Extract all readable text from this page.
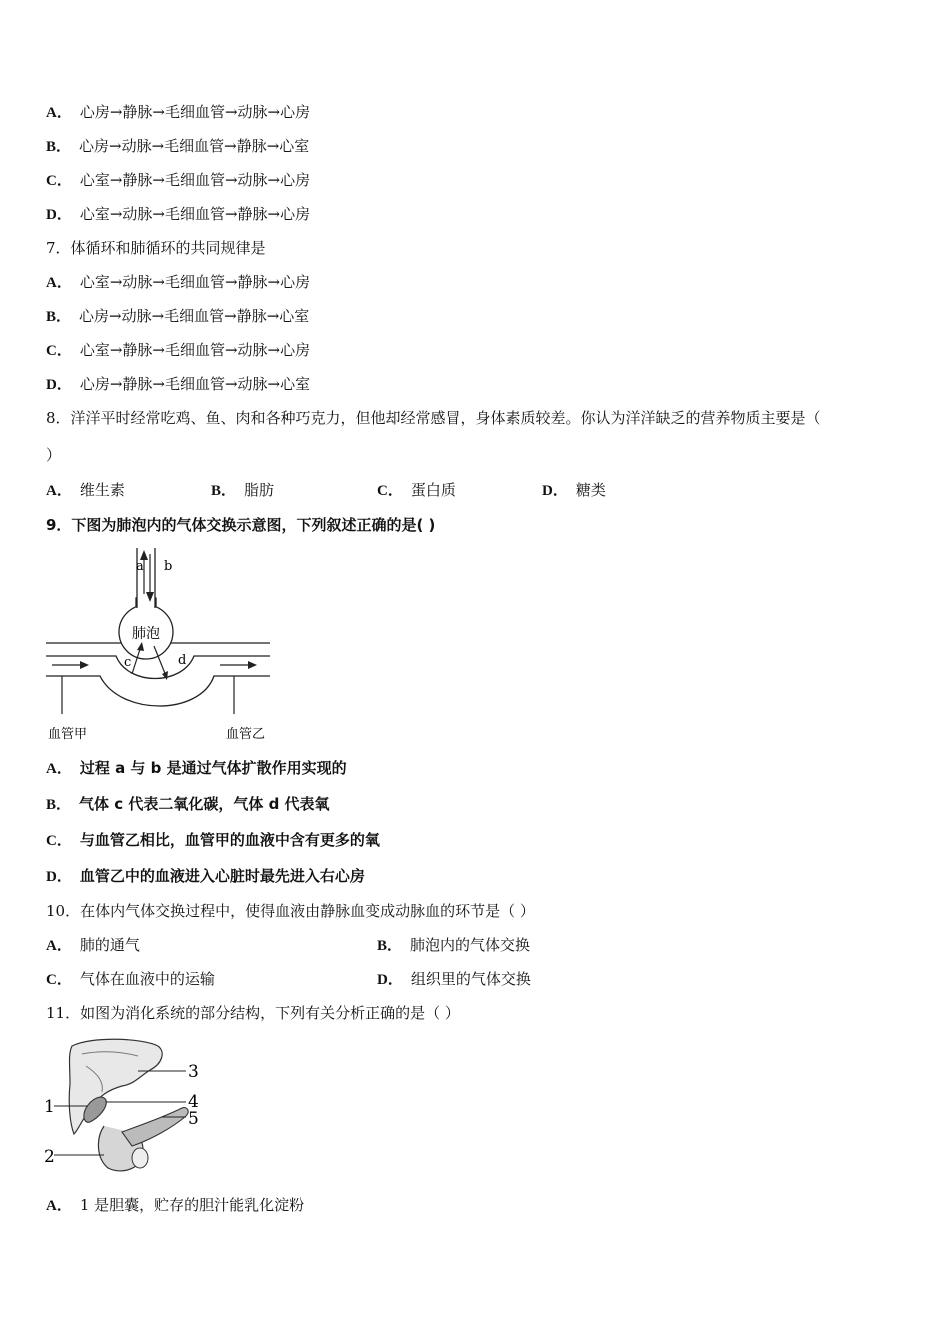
A． 心房→静脉→毛细血管→动脉→心房
B． 心房→动脉→毛细血管→静脉→心室
C． 心室→静脉→毛细血管→动脉→心房
D． 心室→动脉→毛细血管→静脉→心房
7．体循环和肺循环的共同规律是
A． 心室→动脉→毛细血管→静脉→心房
B． 心房→动脉→毛细血管→静脉→心室
C． 心室→静脉→毛细血管→动脉→心房
D． 心房→静脉→毛细血管→动脉→心室
8．洋洋平时经常吃鸡、鱼、肉和各种巧克力，但他却经常感冒，身体素质较差。你认为洋洋缺乏的营养物质主要是（
）
A． 维生素	B． 脂肪	C． 蛋白质	D． 糖类
9．下图为肺泡内的气体交换示意图，下列叙述正确的是( )
肺泡
a b
c	d
血管甲	血管乙
A． 过程 a 与 b 是通过气体扩散作用实现的
B． 气体 c 代表二氧化碳，气体 d 代表氧
C． 与血管乙相比，血管甲的血液中含有更多的氧
D． 血管乙中的血液进入心脏时最先进入右心房
10．在体内气体交换过程中，使得血液由静脉血变成动脉血的环节是（ ）
A． 肺的通气	B． 肺泡内的气体交换
C． 气体在血液中的运输	D． 组织里的气体交换
11．如图为消化系统的部分结构，下列有关分析正确的是（ ）
1
2
3
4
5
A． 1 是胆囊，贮存的胆汁能乳化淀粉
